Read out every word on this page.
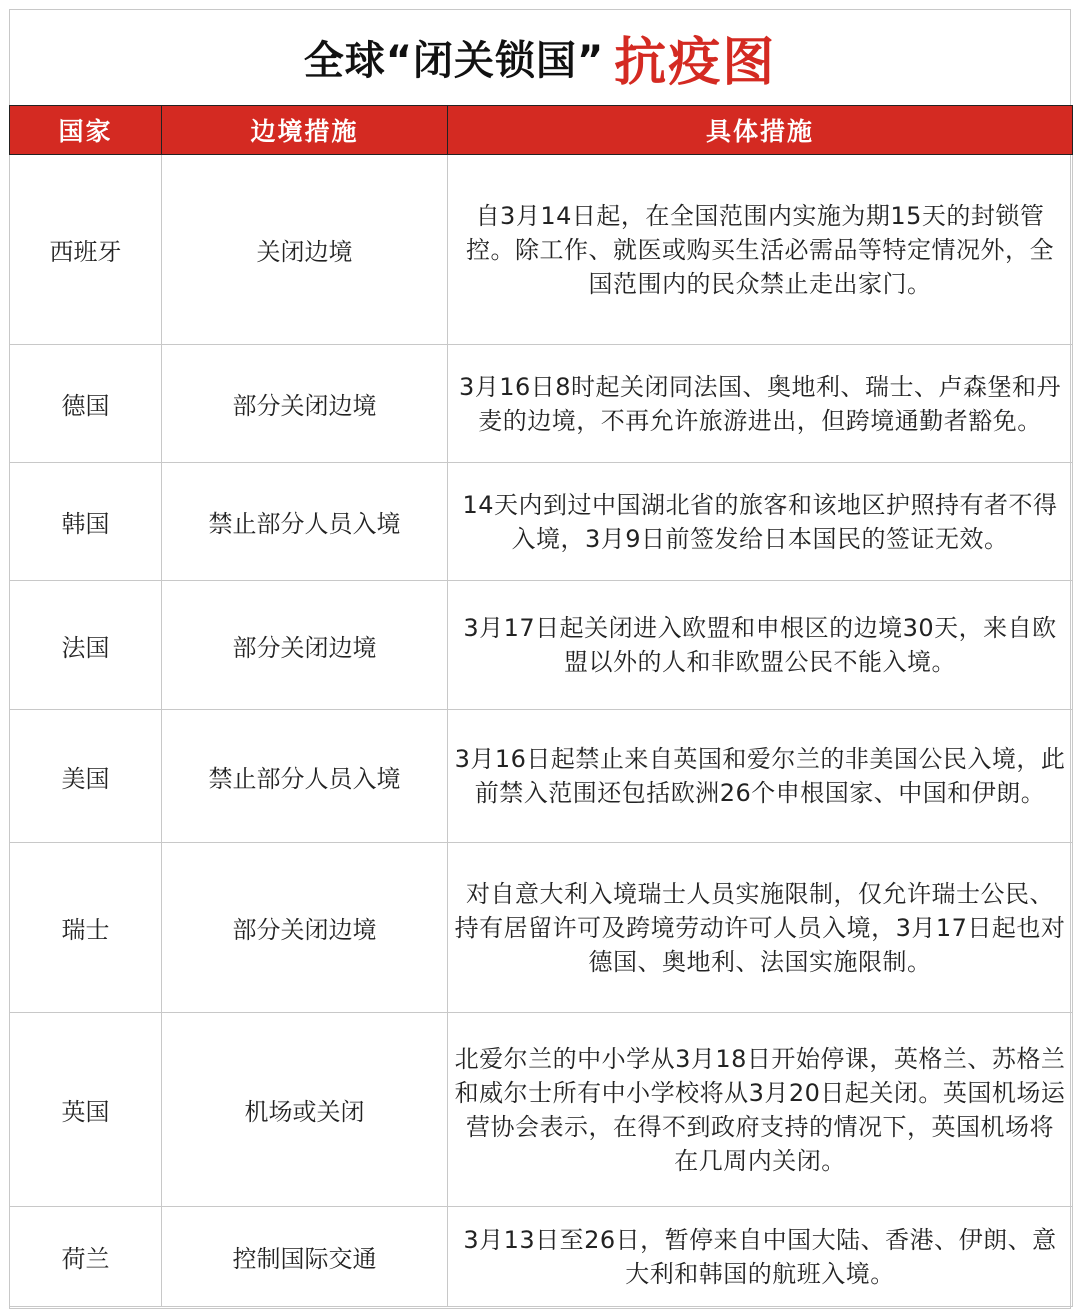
全球“闭关锁国” 抗疫图
国家	边境措施	具体措施
西班牙	关闭边境	自3月14日起，在全国范围内实施为期15天的封锁管控。除工作、就医或购买生活必需品等特定情况外，全国范围内的民众禁止走出家门。
德国	部分关闭边境	3月16日8时起关闭同法国、奥地利、瑞士、卢森堡和丹麦的边境，不再允许旅游进出，但跨境通勤者豁免。
韩国	禁止部分人员入境	14天内到过中国湖北省的旅客和该地区护照持有者不得入境，3月9日前签发给日本国民的签证无效。
法国	部分关闭边境	3月17日起关闭进入欧盟和申根区的边境30天，来自欧盟以外的人和非欧盟公民不能入境。
美国	禁止部分人员入境	3月16日起禁止来自英国和爱尔兰的非美国公民入境，此前禁入范围还包括欧洲26个申根国家、中国和伊朗。
瑞士	部分关闭边境	对自意大利入境瑞士人员实施限制，仅允许瑞士公民、持有居留许可及跨境劳动许可人员入境，3月17日起也对德国、奥地利、法国实施限制。
英国	机场或关闭	北爱尔兰的中小学从3月18日开始停课，英格兰、苏格兰和威尔士所有中小学校将从3月20日起关闭。英国机场运营协会表示，在得不到政府支持的情况下，英国机场将在几周内关闭。
荷兰	控制国际交通	3月13日至26日，暂停来自中国大陆、香港、伊朗、意大利和韩国的航班入境。
